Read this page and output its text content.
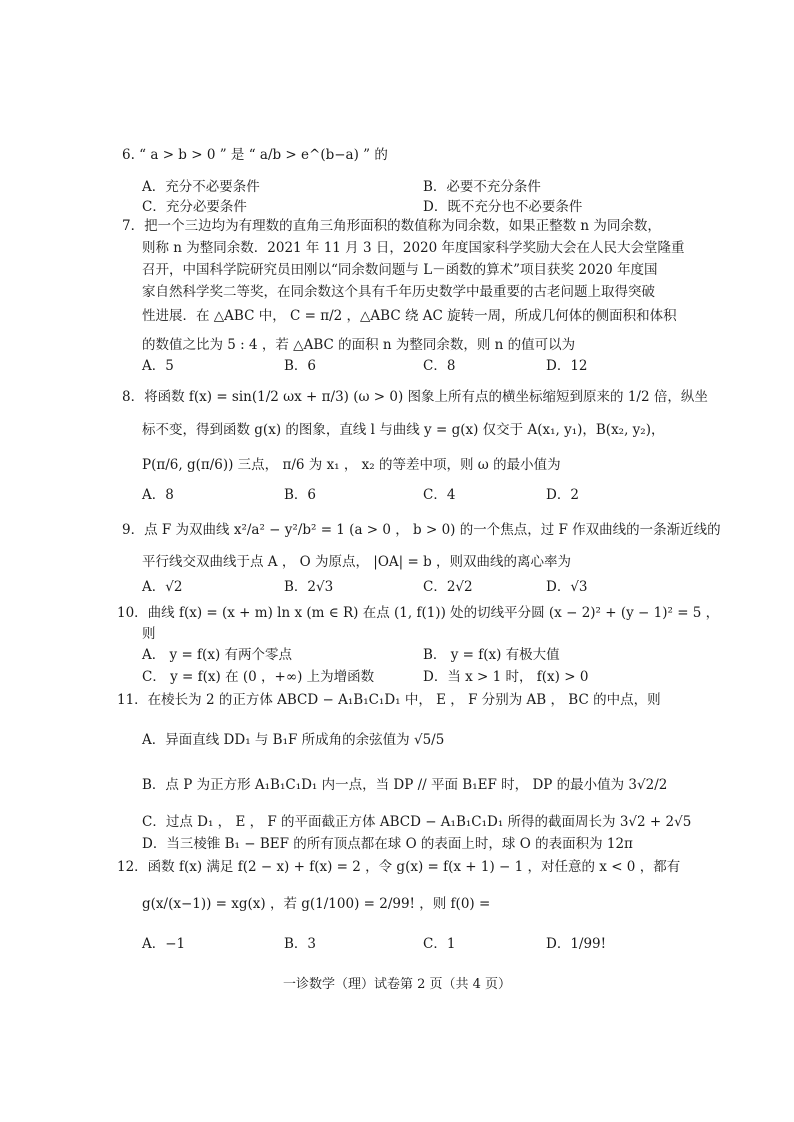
6. “ a > b > 0 ” 是 “ a/b > e^(b−a) ” 的
A．充分不必要条件	B．必要不充分条件
C．充分必要条件	D．既不充分也不必要条件
7．把一个三边均为有理数的直角三角形面积的数值称为同余数，如果正整数 n 为同余数，
则称 n 为整同余数．2021 年 11 月 3 日，2020 年度国家科学奖励大会在人民大会堂隆重
召开，中国科学院研究员田刚以“同余数问题与 L－函数的算术”项目获奖 2020 年度国
家自然科学奖二等奖，在同余数这个具有千年历史数学中最重要的古老问题上取得突破
性进展．在 △ABC 中， C = π/2 ，△ABC 绕 AC 旋转一周，所成几何体的侧面积和体积
的数值之比为 5 : 4 ，若 △ABC 的面积 n 为整同余数，则 n 的值可以为
A．5	B．6	C．8	D．12
8．将函数 f(x) = sin(1/2 ωx + π/3) (ω > 0) 图象上所有点的横坐标缩短到原来的 1/2 倍，纵坐
标不变，得到函数 g(x) 的图象，直线 l 与曲线 y = g(x) 仅交于 A(x₁, y₁)，B(x₂, y₂)，
P(π/6, g(π/6)) 三点， π/6 为 x₁ ， x₂ 的等差中项，则 ω 的最小值为
A．8	B．6	C．4	D．2
9．点 F 为双曲线 x²/a² − y²/b² = 1 (a > 0 ， b > 0) 的一个焦点，过 F 作双曲线的一条渐近线的
平行线交双曲线于点 A ， O 为原点， |OA| = b ，则双曲线的离心率为
A．√2	B．2√3	C．2√2	D．√3
10．曲线 f(x) = (x + m) ln x (m ∈ R) 在点 (1, f(1)) 处的切线平分圆 (x − 2)² + (y − 1)² = 5 ，
则
A． y = f(x) 有两个零点	B． y = f(x) 有极大值
C． y = f(x) 在 (0 ，+∞) 上为增函数	D．当 x > 1 时， f(x) > 0
11．在棱长为 2 的正方体 ABCD − A₁B₁C₁D₁ 中， E ， F 分别为 AB ， BC 的中点，则
A．异面直线 DD₁ 与 B₁F 所成角的余弦值为 √5/5
B．点 P 为正方形 A₁B₁C₁D₁ 内一点，当 DP // 平面 B₁EF 时， DP 的最小值为 3√2/2
C．过点 D₁ ， E ， F 的平面截正方体 ABCD − A₁B₁C₁D₁ 所得的截面周长为 3√2 + 2√5
D．当三棱锥 B₁ − BEF 的所有顶点都在球 O 的表面上时，球 O 的表面积为 12π
12．函数 f(x) 满足 f(2 − x) + f(x) = 2 ，令 g(x) = f(x + 1) − 1 ，对任意的 x < 0 ，都有
g(x/(x−1)) = xg(x) ，若 g(1/100) = 2/99! ，则 f(0) =
A．−1	B．3	C．1	D．1/99!
一诊数学（理）试卷第 2 页（共 4 页）
